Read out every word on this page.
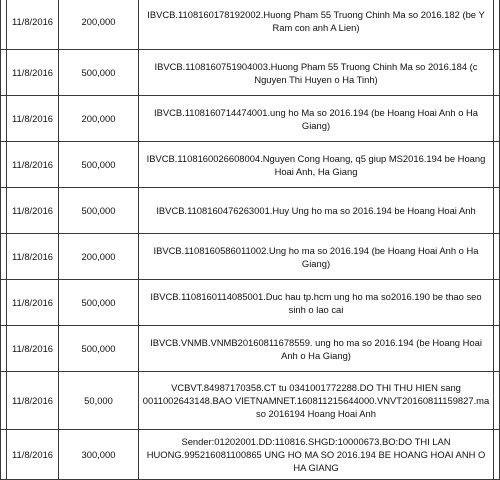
	11/8/2016	200,000	IBVCB.1108160178192002.Huong Pham 55 Truong Chinh Ma so 2016.182 (be Y Ram con anh A Lien)	
	11/8/2016	500,000	IBVCB.1108160751904003.Huong Pham 55 Truong Chinh Ma so 2016.184 (c Nguyen Thi Huyen o Ha Tinh)	
	11/8/2016	200,000	IBVCB.1108160714474001.ung ho Ma so 2016.194 (be Hoang Hoai Anh o Ha Giang)	
	11/8/2016	500,000	IBVCB.1108160026608004.Nguyen Cong Hoang, q5 giup MS2016.194 be Hoang Hoai Anh, Ha Giang	
	11/8/2016	500,000	IBVCB.1108160476263001.Huy Ung ho ma so 2016.194 be Hoang Hoai Anh	
	11/8/2016	200,000	IBVCB.1108160586011002.Ung ho ma so 2016.194 (be Hoang Hoai Anh o Ha Giang)	
	11/8/2016	500,000	IBVCB.1108160114085001.Duc hau tp.hcm ung ho ma so2016.190 be thao seo sinh o lao cai	
	11/8/2016	500,000	IBVCB.VNMB.VNMB20160811678559. ung ho ma so 2016.194 (be Hoang Hoai Anh o Ha Giang)	
	11/8/2016	50,000	VCBVT.84987170358.CT tu 0341001772288.DO THI THU HIEN sang 0011002643148.BAO VIETNAMNET.160811215644000.VNVT20160811159827.ma so 2016194 Hoang Hoai Anh	
	11/8/2016	300,000	Sender:01202001.DD:110816.SHGD:10000673.BO:DO THI LAN HUONG.995216081100865 UNG HO MA SO 2016.194 BE HOANG HOAI ANH O HA GIANG	
